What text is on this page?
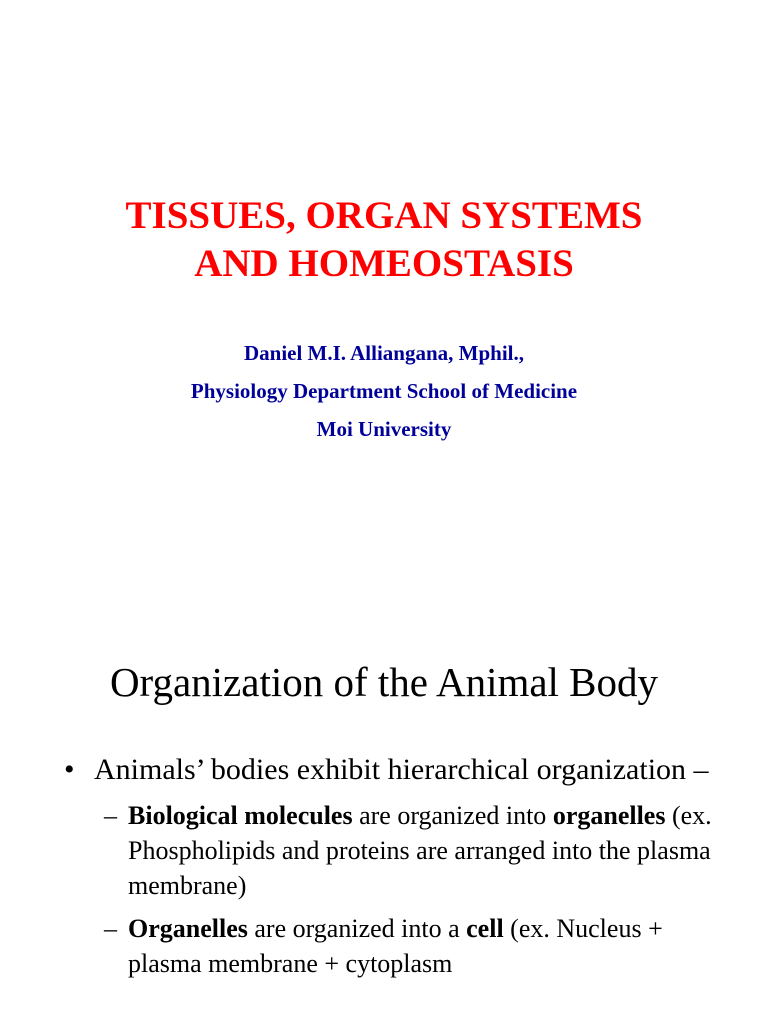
TISSUES, ORGAN SYSTEMS
AND HOMEOSTASIS
Daniel M.I. Alliangana, Mphil.,
Physiology Department School of Medicine
Moi University
Organization of the Animal Body
• Animals’ bodies exhibit hierarchical organization –
– Biological molecules are organized into organelles (ex. Phospholipids and proteins are arranged into the plasma membrane)
– Organelles are organized into a cell (ex. Nucleus + plasma membrane + cytoplasm
